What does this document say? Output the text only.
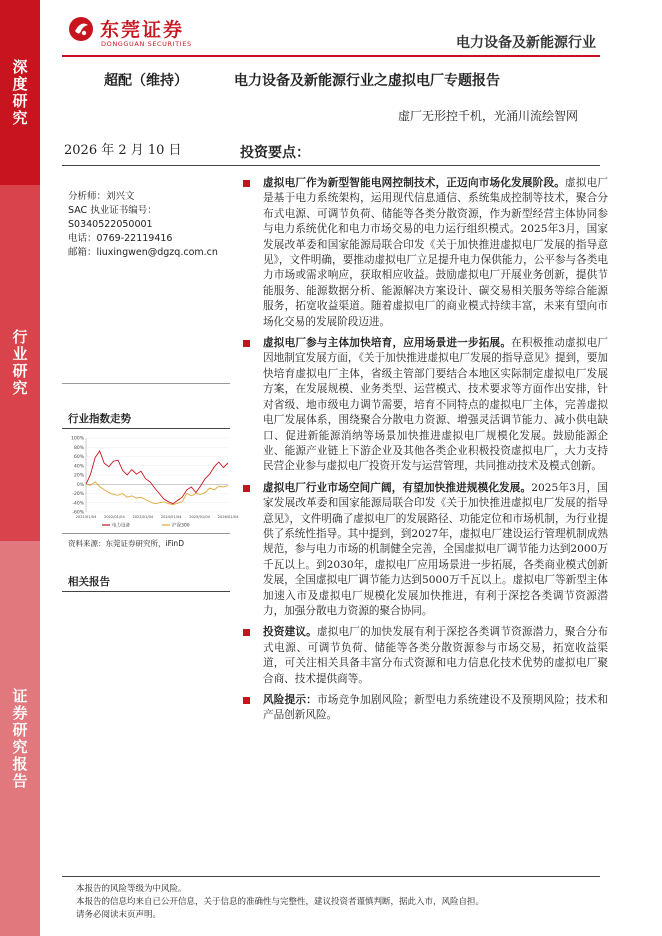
深度研究
行业研究
证券研究报告
东莞证券
DONGGUAN SECURITIES	电力设备及新能源行业
超配（维持）	电力设备及新能源行业之虚拟电厂专题报告
虚厂无形控千机，光涌川流绘智网
2026 年 2 月 10 日	投资要点：
分析师：刘兴文
SAC 执业证书编号：
S0340522050001
电话：0769-22119416
邮箱：liuxingwen@dgzq.com.cn
行业指数走势
100%
80%
60%
40%
20%
0%
-20%
-40%
-60%
2021/01/04 2022/01/04 2023/01/04 2024/01/04 2025/01/04 2026/01/04
电力设备	沪深300
资料来源：东莞证券研究所，iFinD
相关报告
虚拟电厂作为新型智能电网控制技术，正迈向市场化发展阶段。虚拟电厂是基于电力系统架构，运用现代信息通信、系统集成控制等技术，聚合分布式电源、可调节负荷、储能等各类分散资源，作为新型经营主体协同参与电力系统优化和电力市场交易的电力运行组织模式。2025年3月，国家发展改革委和国家能源局联合印发《关于加快推进虚拟电厂发展的指导意见》，文件明确，要推动虚拟电厂立足提升电力保供能力，公平参与各类电力市场或需求响应，获取相应收益。鼓励虚拟电厂开展业务创新，提供节能服务、能源数据分析、能源解决方案设计、碳交易相关服务等综合能源服务，拓宽收益渠道。随着虚拟电厂的商业模式持续丰富，未来有望向市场化交易的发展阶段迈进。
虚拟电厂参与主体加快培育，应用场景进一步拓展。在积极推动虚拟电厂因地制宜发展方面，《关于加快推进虚拟电厂发展的指导意见》提到，要加快培育虚拟电厂主体，省级主管部门要结合本地区实际制定虚拟电厂发展方案，在发展规模、业务类型、运营模式、技术要求等方面作出安排，针对省级、地市级电力调节需要，培育不同特点的虚拟电厂主体，完善虚拟电厂发展体系，围绕聚合分散电力资源、增强灵活调节能力、减小供电缺口、促进新能源消纳等场景加快推进虚拟电厂规模化发展。鼓励能源企业、能源产业链上下游企业及其他各类企业积极投资虚拟电厂，大力支持民营企业参与虚拟电厂投资开发与运营管理，共同推动技术及模式创新。
虚拟电厂行业市场空间广阔，有望加快推进规模化发展。2025年3月，国家发展改革委和国家能源局联合印发《关于加快推进虚拟电厂发展的指导意见》，文件明确了虚拟电厂的发展路径、功能定位和市场机制，为行业提供了系统性指导。其中提到，到2027年，虚拟电厂建设运行管理机制成熟规范，参与电力市场的机制健全完善，全国虚拟电厂调节能力达到2000万千瓦以上。到2030年，虚拟电厂应用场景进一步拓展，各类商业模式创新发展，全国虚拟电厂调节能力达到5000万千瓦以上。虚拟电厂等新型主体加速入市及虚拟电厂规模化发展加快推进，有利于深挖各类调节资源潜力，加强分散电力资源的聚合协同。
投资建议。虚拟电厂的加快发展有利于深挖各类调节资源潜力，聚合分布式电源、可调节负荷、储能等各类分散资源参与市场交易，拓宽收益渠道，可关注相关具备丰富分布式资源和电力信息化技术优势的虚拟电厂聚合商、技术提供商等。
风险提示：市场竞争加剧风险；新型电力系统建设不及预期风险；技术和产品创新风险。
本报告的风险等级为中风险。
本报告的信息均来自已公开信息，关于信息的准确性与完整性，建议投资者谨慎判断，据此入市，风险自担。
请务必阅读末页声明。
